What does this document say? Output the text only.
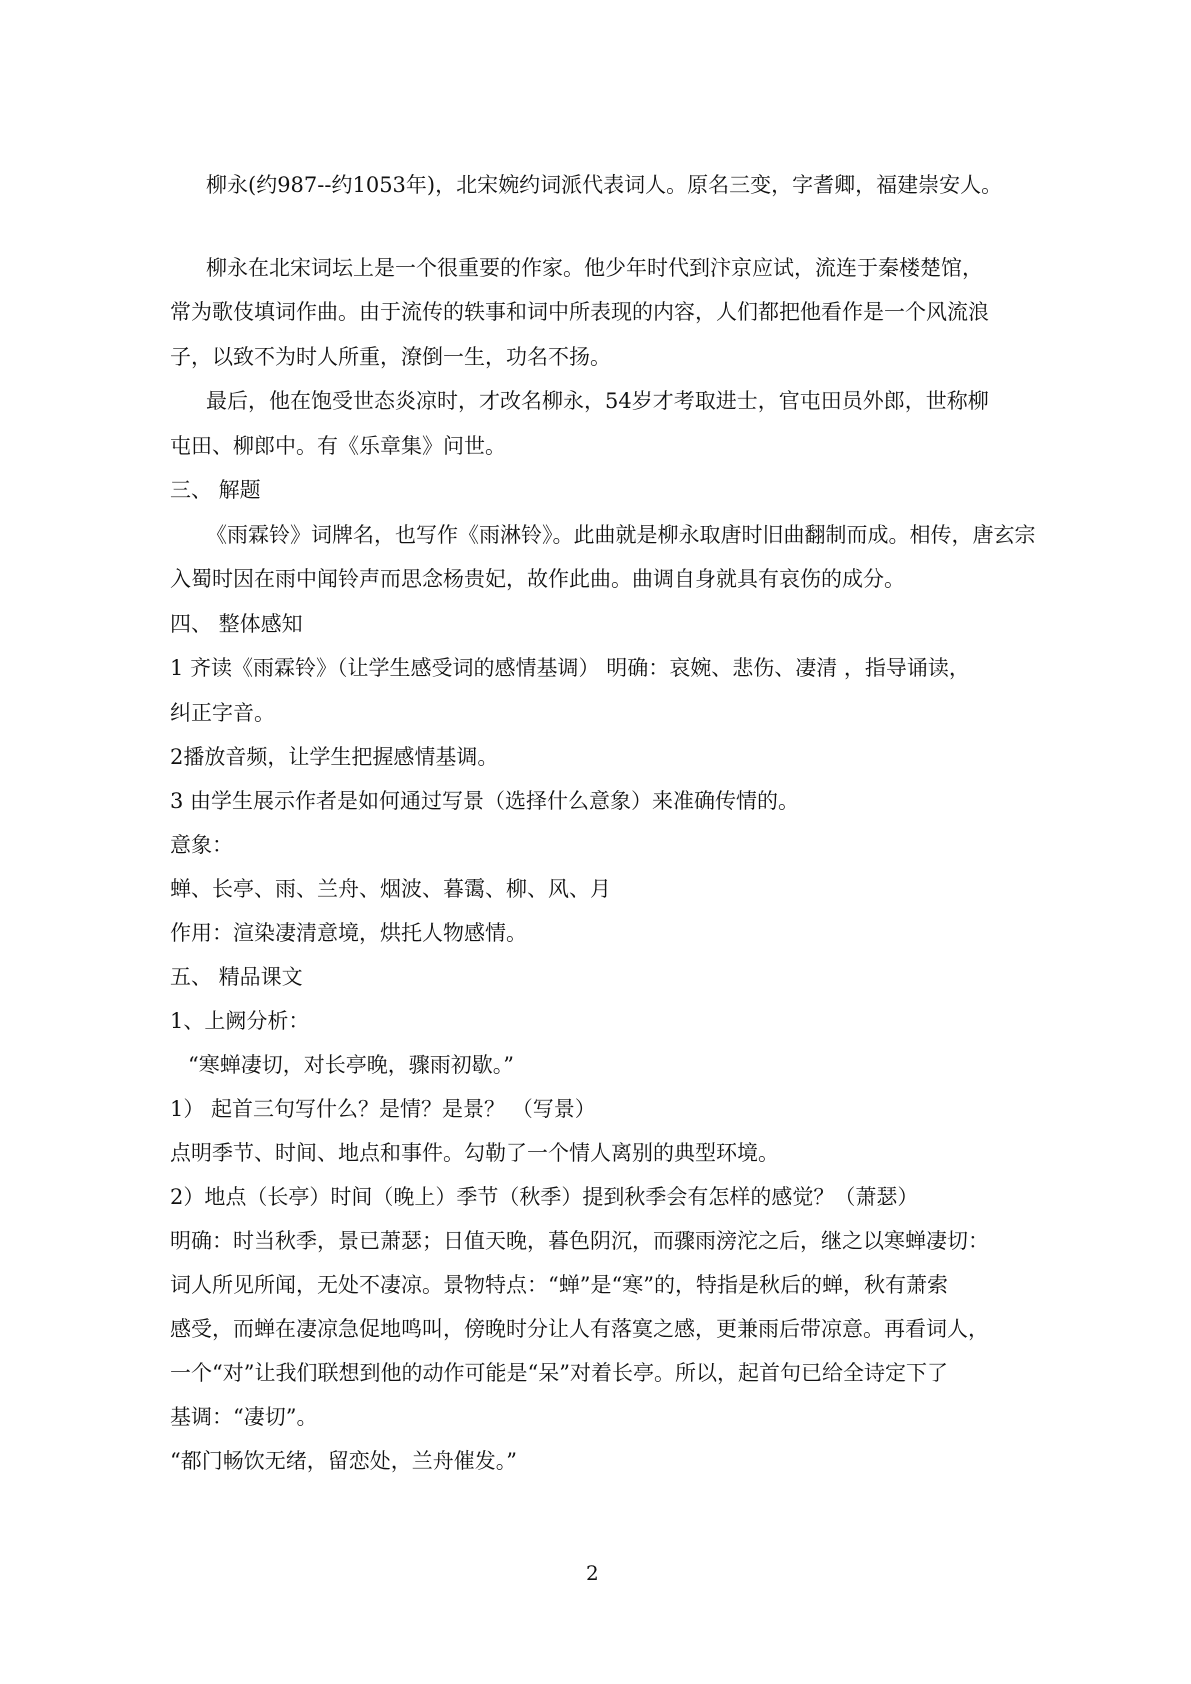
柳永(约987--约1053年)，北宋婉约词派代表词人。原名三变，字耆卿，福建崇安人。

柳永在北宋词坛上是一个很重要的作家。他少年时代到汴京应试，流连于秦楼楚馆，

常为歌伎填词作曲。由于流传的轶事和词中所表现的内容，人们都把他看作是一个风流浪

子，以致不为时人所重，潦倒一生，功名不扬。

最后，他在饱受世态炎凉时，才改名柳永，54岁才考取进士，官屯田员外郎，世称柳

屯田、柳郎中。有《乐章集》问世。

三、 解题

《雨霖铃》词牌名，也写作《雨淋铃》。此曲就是柳永取唐时旧曲翻制而成。相传，唐玄宗

入蜀时因在雨中闻铃声而思念杨贵妃，故作此曲。曲调自身就具有哀伤的成分。

四、 整体感知

1 齐读《雨霖铃》（让学生感受词的感情基调） 明确：哀婉、悲伤、凄清 ，指导诵读，

纠正字音。

2播放音频，让学生把握感情基调。

3 由学生展示作者是如何通过写景（选择什么意象）来准确传情的。

意象：

蝉、长亭、雨、兰舟、烟波、暮霭、柳、风、月

作用：渲染凄清意境，烘托人物感情。

五、 精品课文

1、上阙分析：

“寒蝉凄切，对长亭晚，骤雨初歇。”

1） 起首三句写什么？是情？是景？ （写景）

点明季节、时间、地点和事件。勾勒了一个情人离别的典型环境。

2）地点（长亭）时间（晚上）季节（秋季）提到秋季会有怎样的感觉？（萧瑟）

明确：时当秋季，景已萧瑟；日值天晚，暮色阴沉，而骤雨滂沱之后，继之以寒蝉凄切：

词人所见所闻，无处不凄凉。景物特点：“蝉”是“寒”的，特指是秋后的蝉，秋有萧索

感受，而蝉在凄凉急促地鸣叫，傍晚时分让人有落寞之感，更兼雨后带凉意。再看词人，

一个“对”让我们联想到他的动作可能是“呆”对着长亭。所以，起首句已给全诗定下了

基调：“凄切”。

“都门畅饮无绪，留恋处，兰舟催发。”

2
